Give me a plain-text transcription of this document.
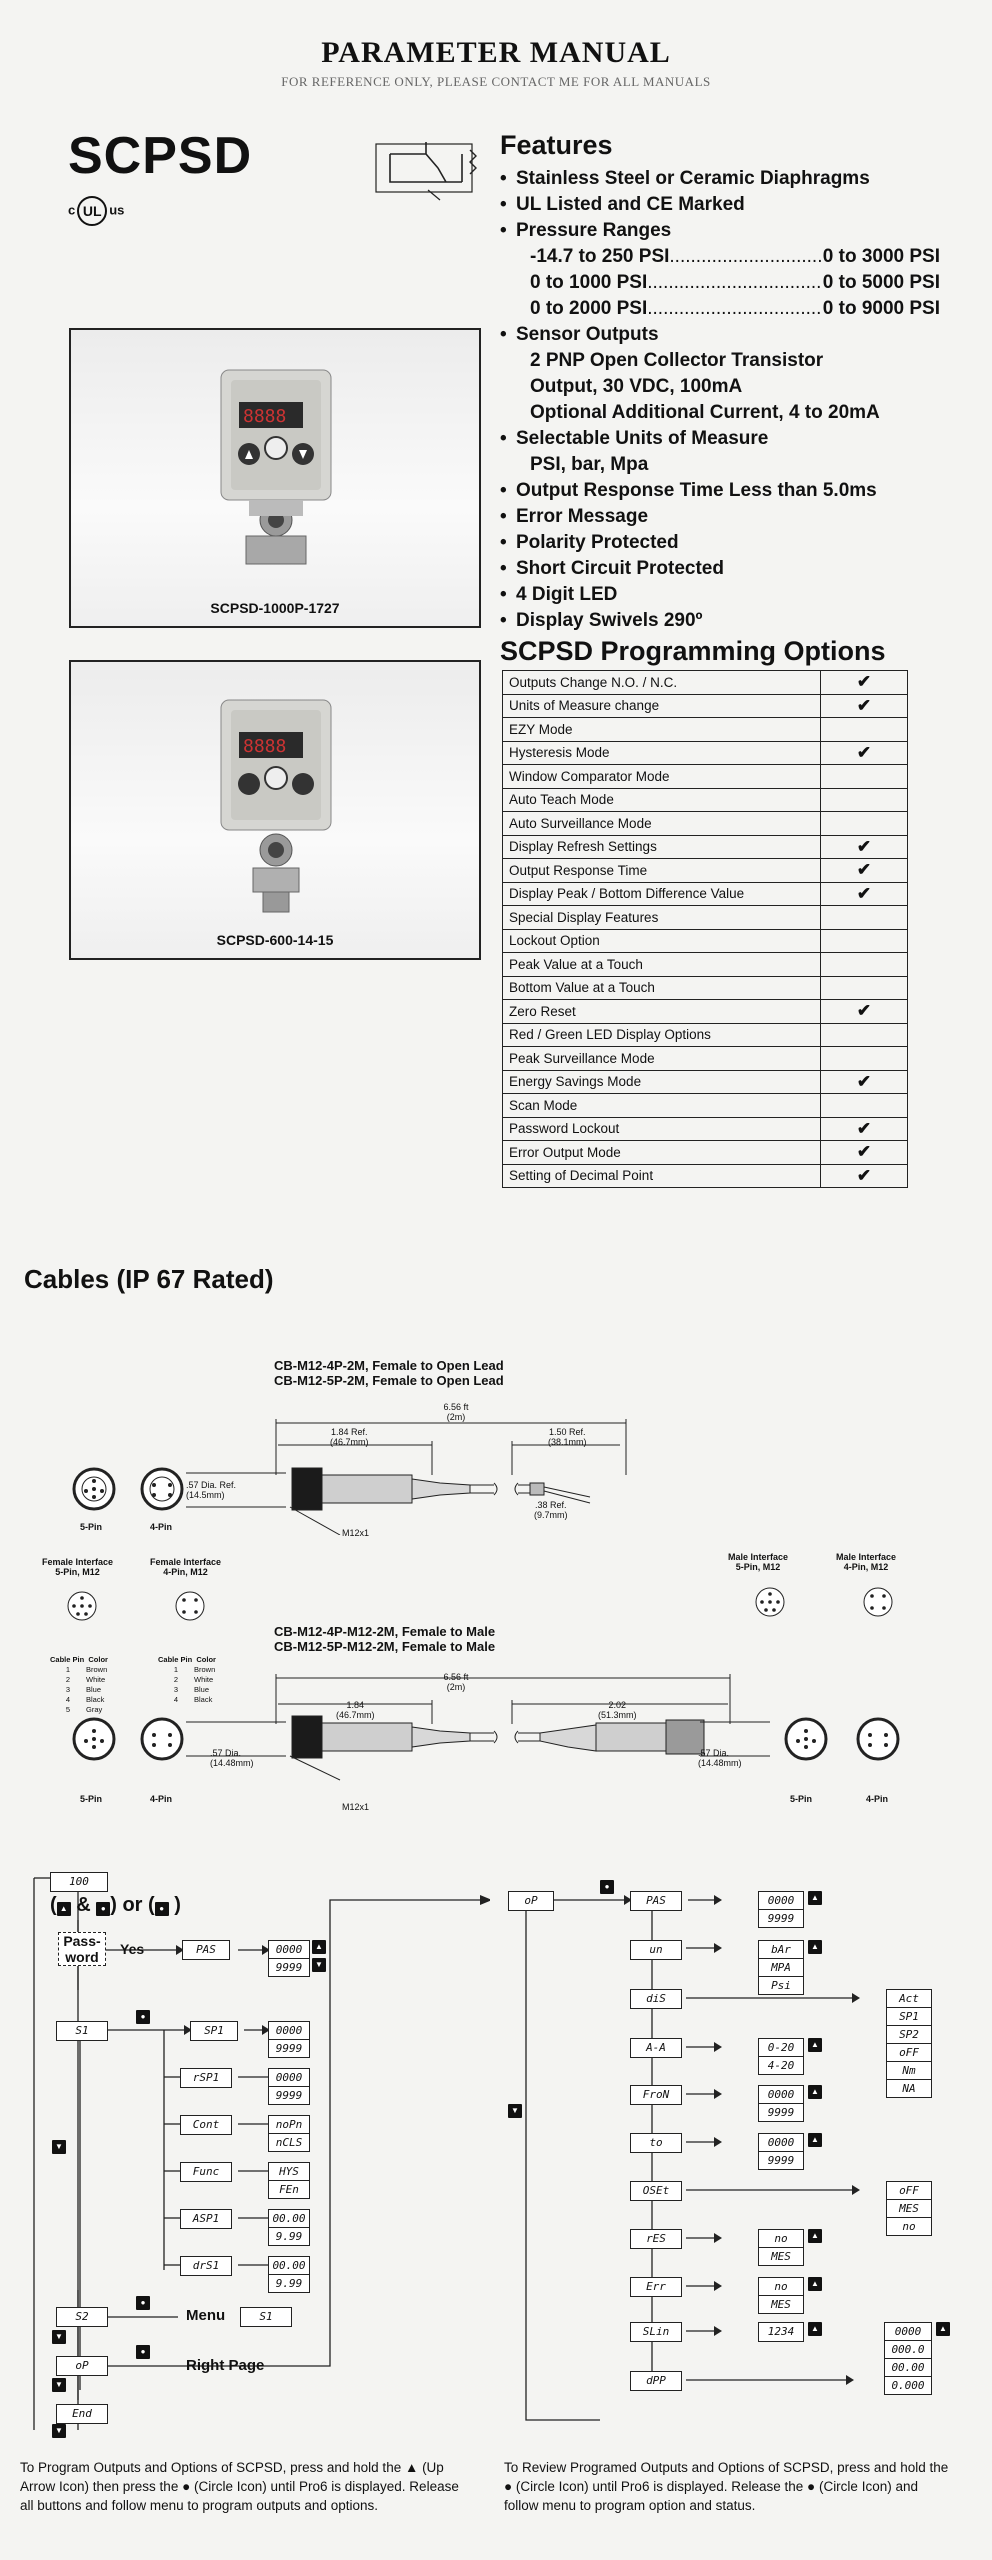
PARAMETER MANUAL
FOR REFERENCE ONLY, PLEASE CONTACT ME FOR ALL MANUALS
SCPSD
c UL us
Features
• Stainless Steel or Ceramic Diaphragms
• UL Listed and CE Marked
• Pressure Ranges
-14.7 to 250 PSI .....	0 to 3000 PSI
0 to 1000 PSI .....	0 to 5000 PSI
0 to 2000 PSI .....	0 to 9000 PSI
• Sensor Outputs
2 PNP Open Collector Transistor
Output, 30 VDC, 100mA
Optional Additional Current, 4 to 20mA
• Selectable Units of Measure
PSI, bar, Mpa
• Output Response Time Less than 5.0ms
• Error Message
• Polarity Protected
• Short Circuit Protected
• 4 Digit LED
• Display Swivels 290º
8888
SCPSD-1000P-1727
8888
SCPSD-600-14-15
SCPSD Programming Options
Outputs Change N.O. / N.C.	✔
Units of Measure change	✔
EZY Mode	
Hysteresis Mode	✔
Window Comparator Mode	
Auto Teach Mode	
Auto Surveillance Mode	
Display Refresh Settings	✔
Output Response Time	✔
Display Peak / Bottom Difference Value	✔
Special Display Features	
Lockout Option	
Peak Value at a Touch	
Bottom Value at a Touch	
Zero Reset	✔
Red / Green LED Display Options	
Peak Surveillance Mode	
Energy Savings Mode	✔
Scan Mode	
Password Lockout	✔
Error Output Mode	✔
Setting of Decimal Point	✔
Cables (IP 67 Rated)
CB-M12-4P-2M, Female to Open Lead
CB-M12-5P-2M, Female to Open Lead
6.56 ft
(2m)
1.84 Ref.
(46.7mm)
1.50 Ref.
(38.1mm)
.57 Dia. Ref.
(14.5mm)
.38 Ref.
(9.7mm)
M12x1
5-Pin	4-Pin
Female Interface
5-Pin, M12
Female Interface
4-Pin, M12
Male Interface
5-Pin, M12
Male Interface
4-Pin, M12
Cable Pin Color
1 Brown
2 White
3 Blue
4 Black
5 Gray
Cable Pin Color
1 Brown
2 White
3 Blue
4 Black
CB-M12-4P-M12-2M, Female to Male
CB-M12-5P-M12-2M, Female to Male
6.56 ft
(2m)
1.84
(46.7mm)
2.02
(51.3mm)
.57 Dia.
(14.48mm)
.57 Dia.
(14.48mm)
M12x1
5-Pin	4-Pin	5-Pin	4-Pin
100
( ▲ & ● ) or ( ● )
Pass-
word	Yes	PAS	0000
9999
S1	SP1	0000
9999
rSP1	0000
9999
Cont	noPn
nCLS
Func	HYS
FEn
ASP1	00.00
9.99
drS1	00.00
9.99
S2	Menu	S1
oP	Right Page
End
●
●
●
▼
▼
▼
▼
▲
▼
oP	PAS
un
diS
A-A
FroN
to
OSEt
rES
Err
SLin
dPP
0000
9999
bAr
MPA
Psi
Act
SP1
SP2
oFF
Nm
NA
0-20
4-20
0000
9999
0000
9999
oFF
MES
no
no
MES
no
MES
1234	0000
000.0
00.00
0.000
●
▼
▲
▲
▲
▲
▲
▲
▲
▲	▲
To Program Outputs and Options of SCPSD, press and hold the ▲ (Up Arrow Icon) then press the ● (Circle Icon) until Pro6 is displayed. Release all buttons and follow menu to program outputs and options.
To Review Programed Outputs and Options of SCPSD, press and hold the ● (Circle Icon) until Pro6 is displayed. Release the ● (Circle Icon) and follow menu to program option and status.
